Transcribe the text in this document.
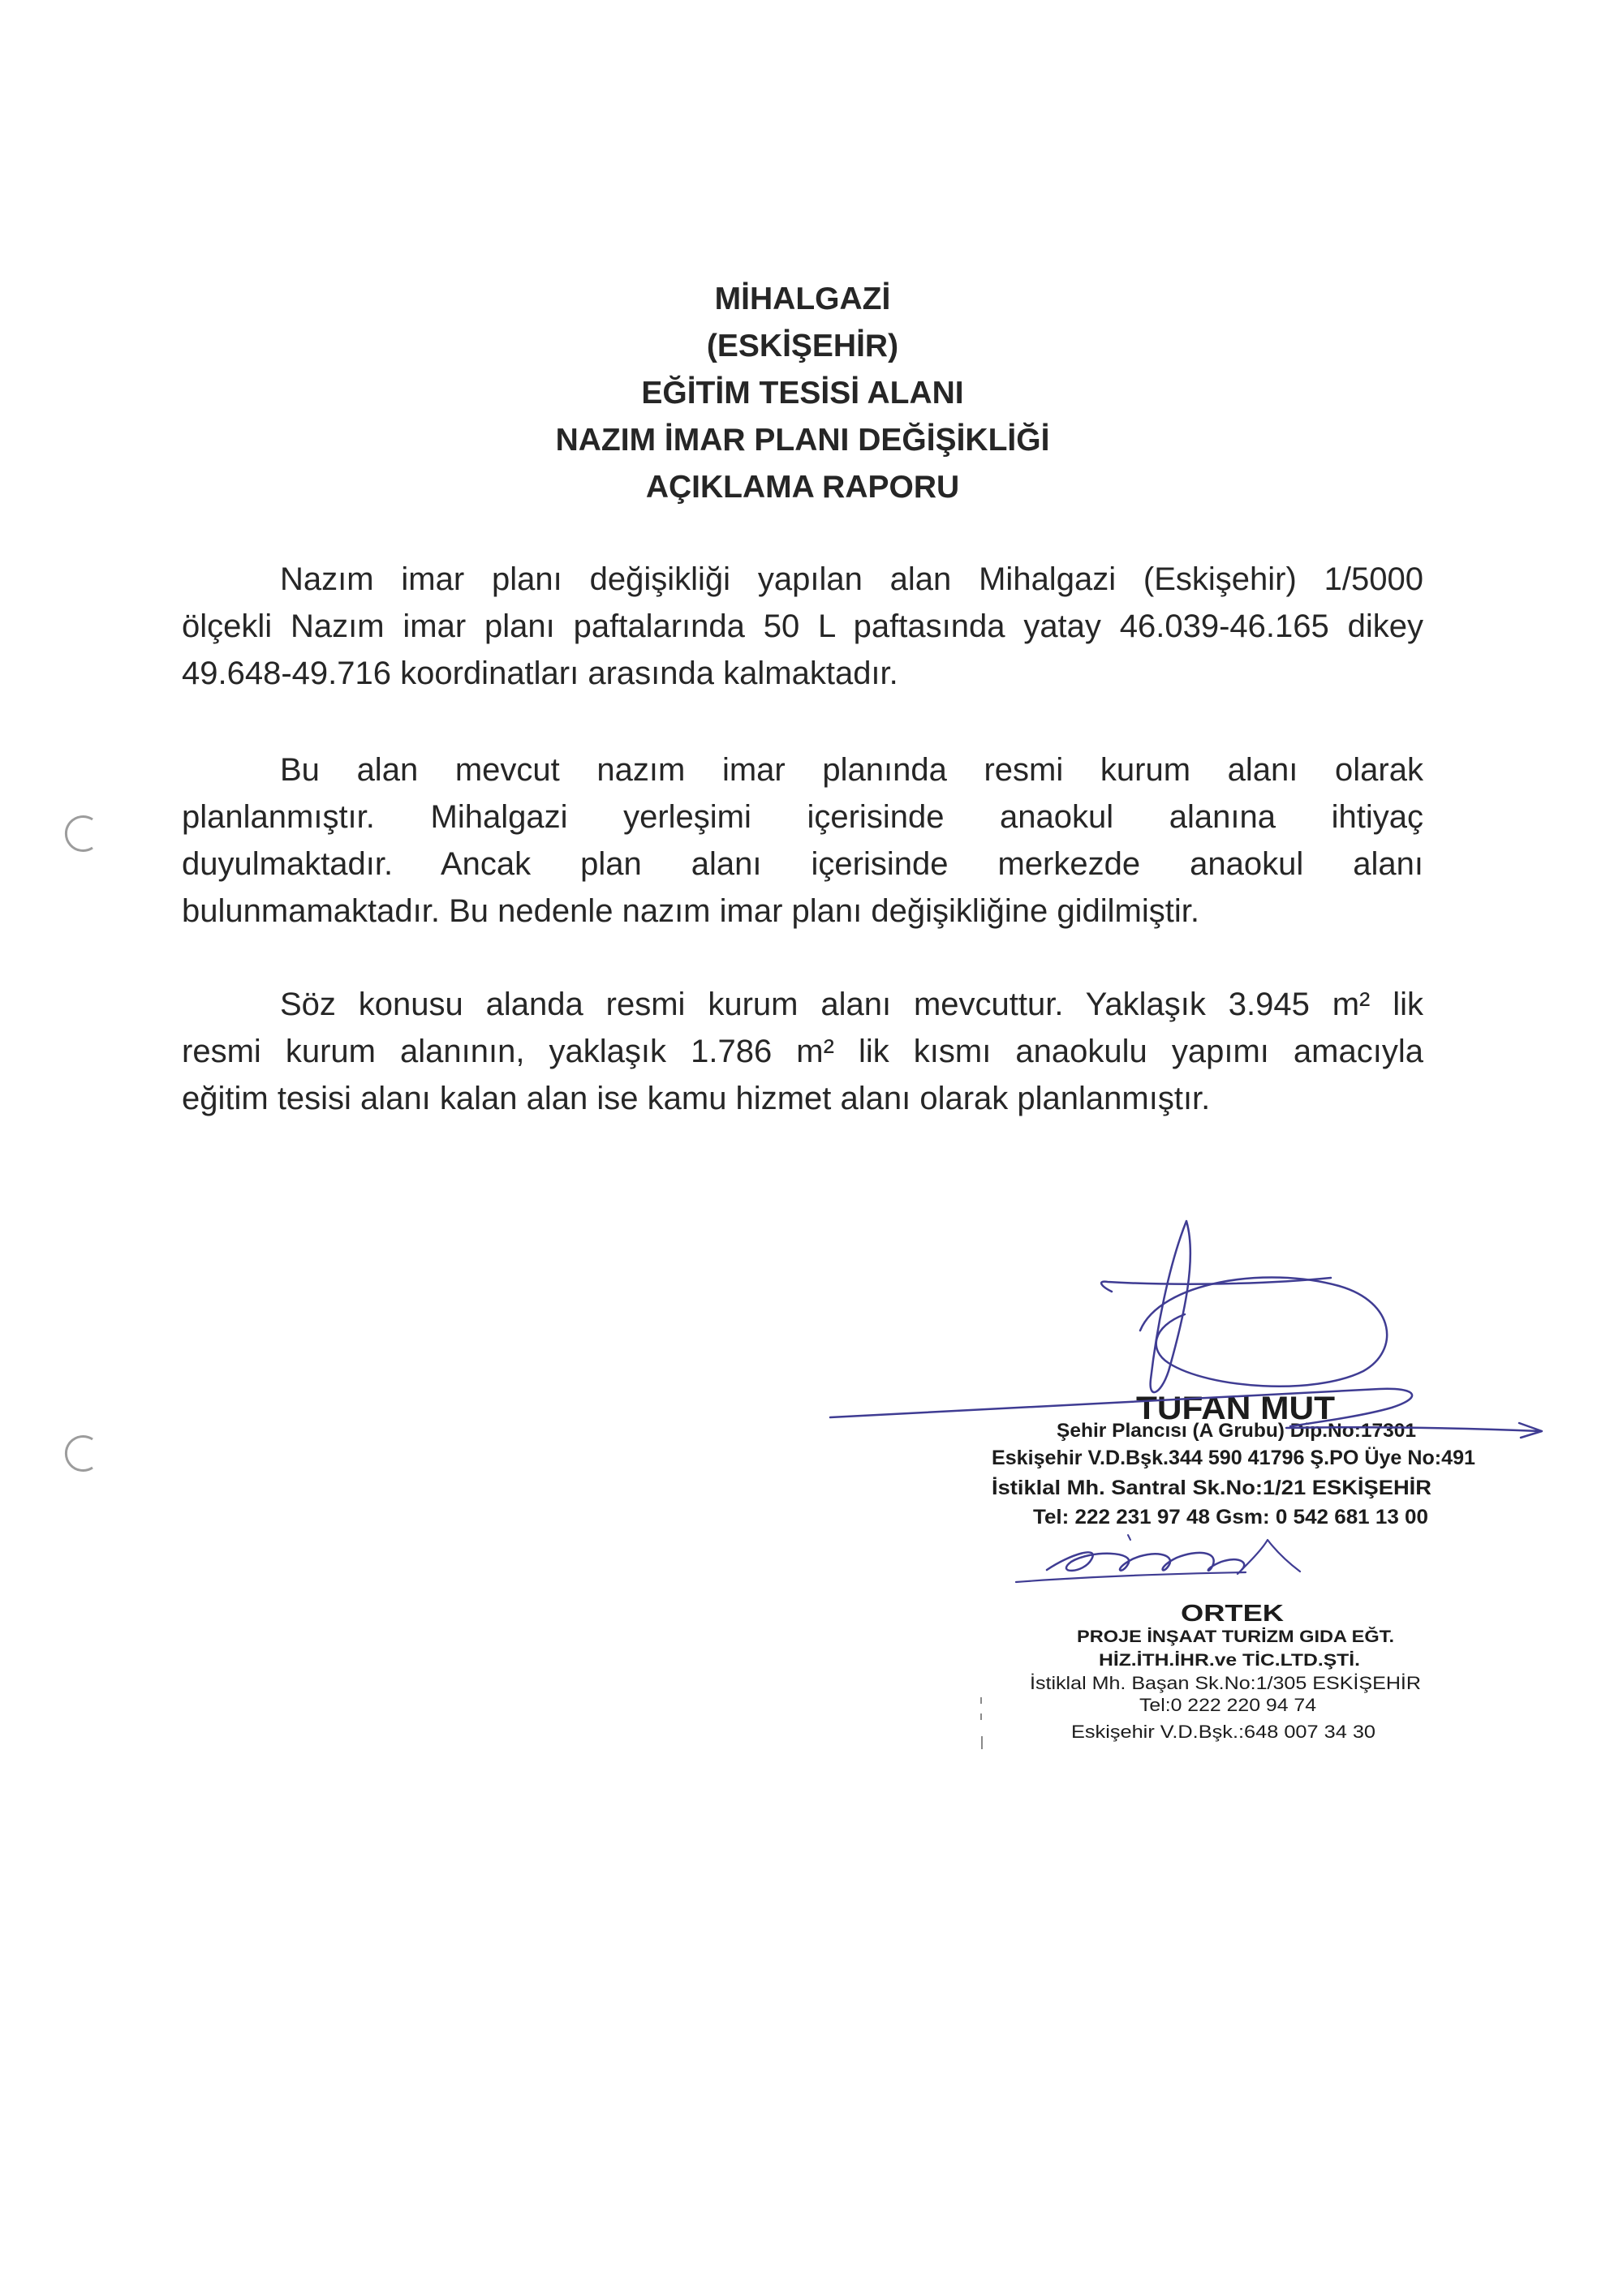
MİHALGAZİ
(ESKİŞEHİR)
EĞİTİM TESİSİ ALANI
NAZIM İMAR PLANI DEĞİŞİKLİĞİ
AÇIKLAMA RAPORU
Nazım imar planı değişikliği yapılan alan Mihalgazi (Eskişehir) 1/5000
ölçekli Nazım imar planı paftalarında 50 L paftasında yatay 46.039-46.165 dikey
49.648-49.716 koordinatları arasında kalmaktadır.
Bu alan mevcut nazım imar planında resmi kurum alanı olarak
planlanmıştır. Mihalgazi yerleşimi içerisinde anaokul alanına ihtiyaç
duyulmaktadır. Ancak plan alanı içerisinde merkezde anaokul alanı
bulunmamaktadır. Bu nedenle nazım imar planı değişikliğine gidilmiştir.
Söz konusu alanda resmi kurum alanı mevcuttur. Yaklaşık 3.945 m² lik
resmi kurum alanının, yaklaşık 1.786 m² lik kısmı anaokulu yapımı amacıyla
eğitim tesisi alanı kalan alan ise kamu hizmet alanı olarak planlanmıştır.
TUFAN MUT
Şehir Plancısı (A Grubu) Dip.No:17301
Eskişehir V.D.Bşk.344 590 41796 Ş.PO Üye No:491
İstiklal Mh. Santral Sk.No:1/21 ESKİŞEHİR
Tel: 222 231 97 48 Gsm: 0 542 681 13 00
ORTEK
PROJE İNŞAAT TURİZM GIDA EĞT.
HİZ.İTH.İHR.ve TİC.LTD.ŞTİ.
İstiklal Mh. Başan Sk.No:1/305 ESKİŞEHİR
Tel:0 222 220 94 74
Eskişehir V.D.Bşk.:648 007 34 30
